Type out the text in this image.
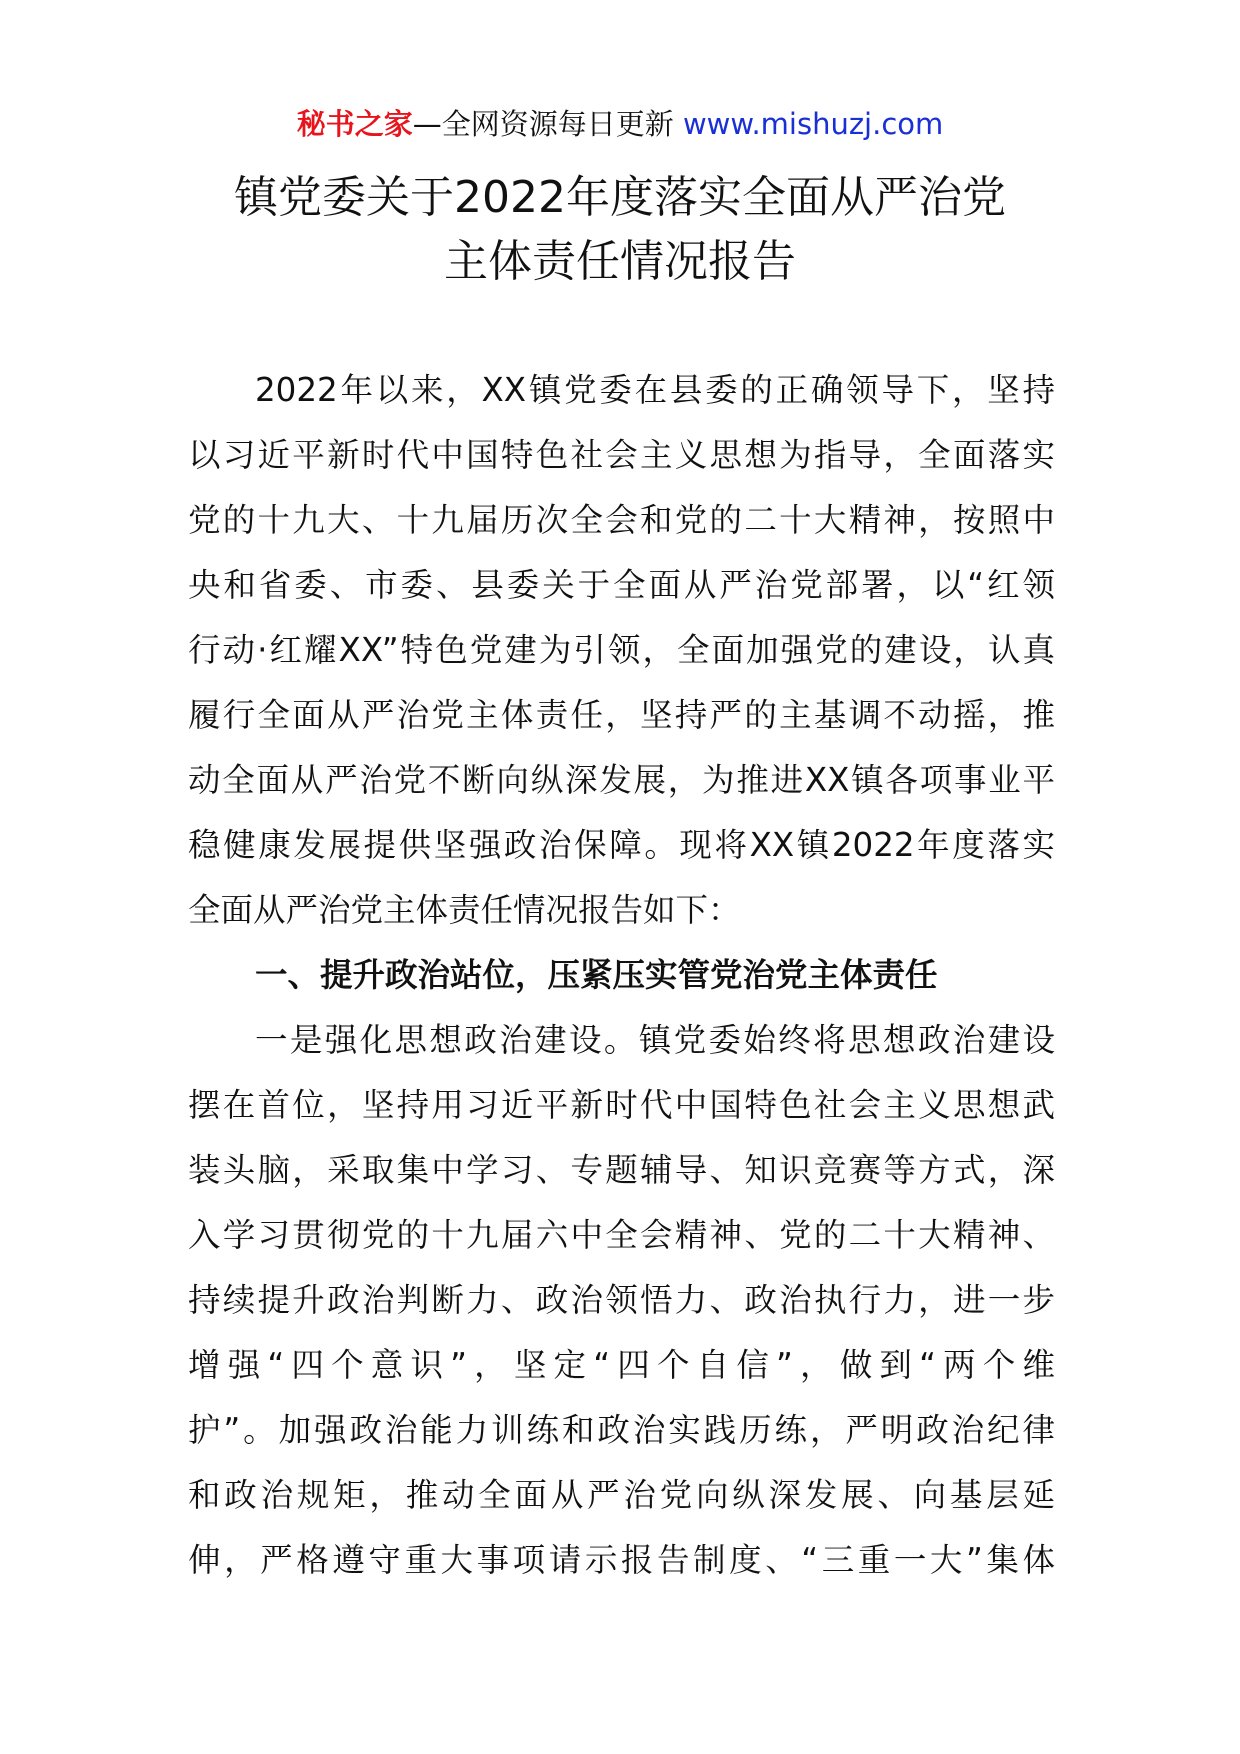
秘书之家—全网资源每日更新 www.mishuzj.com
镇党委关于2022年度落实全面从严治党
主体责任情况报告
2022年以来，XX镇党委在县委的正确领导下，坚持
以习近平新时代中国特色社会主义思想为指导，全面落实
党的十九大、十九届历次全会和党的二十大精神，按照中
央和省委、市委、县委关于全面从严治党部署，以“红领
行动·红耀XX”特色党建为引领，全面加强党的建设，认真
履行全面从严治党主体责任，坚持严的主基调不动摇，推
动全面从严治党不断向纵深发展，为推进XX镇各项事业平
稳健康发展提供坚强政治保障。现将XX镇2022年度落实
全面从严治党主体责任情况报告如下：
一、提升政治站位，压紧压实管党治党主体责任
一是强化思想政治建设。镇党委始终将思想政治建设
摆在首位，坚持用习近平新时代中国特色社会主义思想武
装头脑，采取集中学习、专题辅导、知识竞赛等方式，深
入学习贯彻党的十九届六中全会精神、党的二十大精神、
持续提升政治判断力、政治领悟力、政治执行力，进一步
增强“四个意识”，坚定“四个自信”，做到“两个维
护”。加强政治能力训练和政治实践历练，严明政治纪律
和政治规矩，推动全面从严治党向纵深发展、向基层延
伸，严格遵守重大事项请示报告制度、“三重一大”集体
